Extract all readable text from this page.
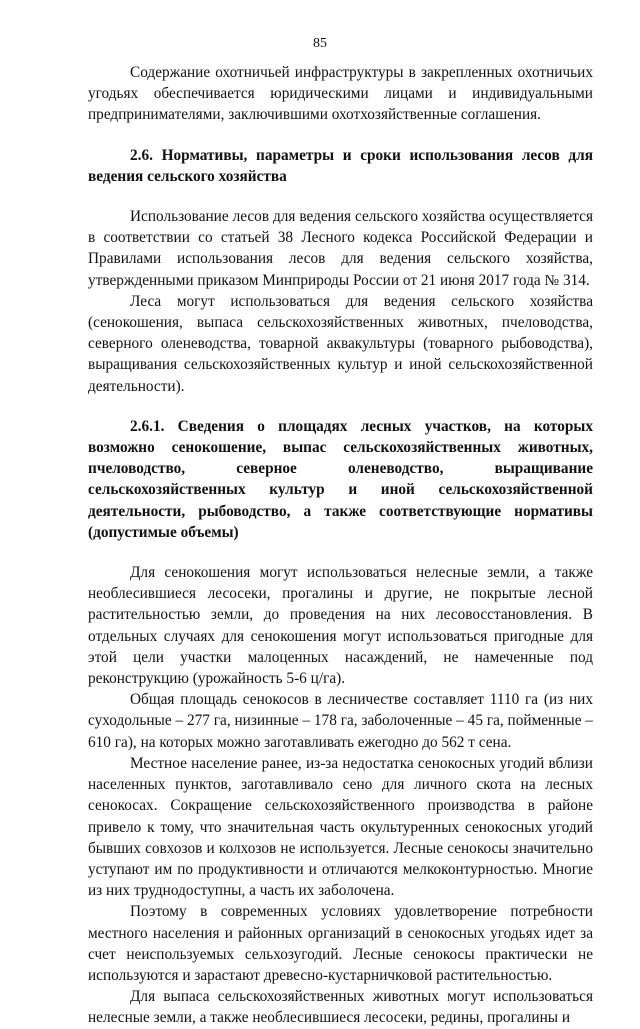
85

Содержание охотничьей инфраструктуры в закрепленных охотничьих угодьях обеспечивается юридическими лицами и индивидуальными предпринимателями, заключившими охотхозяйственные соглашения.

2.6. Нормативы, параметры и сроки использования лесов для ведения сельского хозяйства

Использование лесов для ведения сельского хозяйства осуществляется в соответствии со статьей 38 Лесного кодекса Российской Федерации и Правилами использования лесов для ведения сельского хозяйства, утвержденными приказом Минприроды России от 21 июня 2017 года № 314.

Леса могут использоваться для ведения сельского хозяйства (сенокошения, выпаса сельскохозяйственных животных, пчеловодства, северного оленеводства, товарной аквакультуры (товарного рыбоводства), выращивания сельскохозяйственных культур и иной сельскохозяйственной деятельности).

2.6.1. Сведения о площадях лесных участков, на которых возможно сенокошение, выпас сельскохозяйственных животных, пчеловодство, северное оленеводство, выращивание сельскохозяйственных культур и иной сельскохозяйственной деятельности, рыбоводство, а также соответствующие нормативы (допустимые объемы)

Для сенокошения могут использоваться нелесные земли, а также необлесившиеся лесосеки, прогалины и другие, не покрытые лесной растительностью земли, до проведения на них лесовосстановления. В отдельных случаях для сенокошения могут использоваться пригодные для этой цели участки малоценных насаждений, не намеченные под реконструкцию (урожайность 5-6 ц/га).

Общая площадь сенокосов в лесничестве составляет 1110 га (из них суходольные – 277 га, низинные – 178 га, заболоченные – 45 га, пойменные – 610 га), на которых можно заготавливать ежегодно до 562 т сена.

Местное население ранее, из-за недостатка сенокосных угодий вблизи населенных пунктов, заготавливало сено для личного скота на лесных сенокосах. Сокращение сельскохозяйственного производства в районе привело к тому, что значительная часть окультуренных сенокосных угодий бывших совхозов и колхозов не используется. Лесные сенокосы значительно уступают им по продуктивности и отличаются мелкоконтурностью. Многие из них труднодоступны, а часть их заболочена.

Поэтому в современных условиях удовлетворение потребности местного населения и районных организаций в сенокосных угодьях идет за счет неиспользуемых сельхозугодий. Лесные сенокосы практически не используются и зарастают древесно-кустарничковой растительностью.

Для выпаса сельскохозяйственных животных могут использоваться нелесные земли, а также необлесившиеся лесосеки, редины, прогалины и
